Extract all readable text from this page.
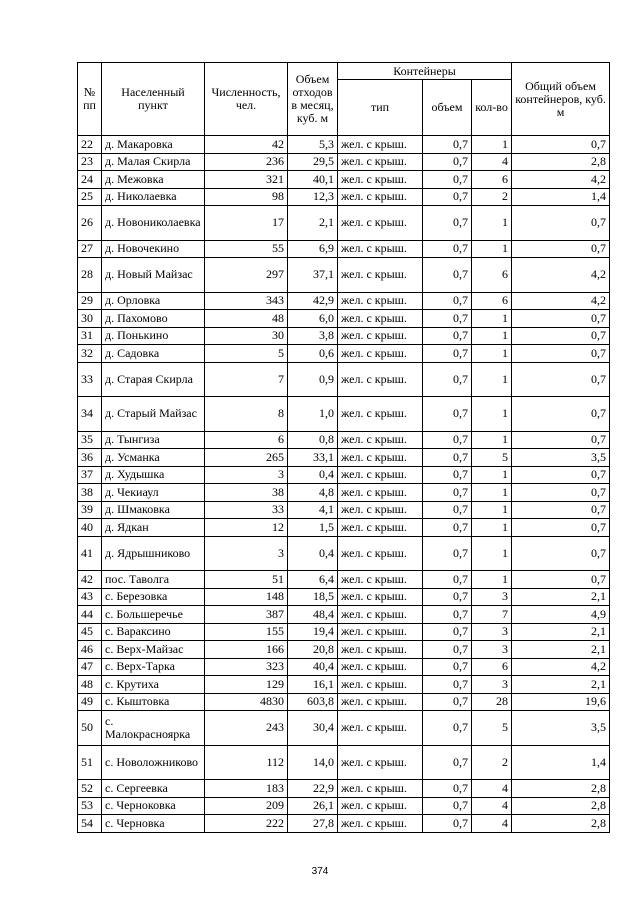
№ пп	Населенный пункт	Численность, чел.	Объем отходов в месяц, куб. м	Контейнеры			Общий объем контейнеров, куб. м
				тип	объем	кол-во	
22	д. Макаровка	42	5,3	жел. с крыш.	0,7	1	0,7
23	д. Малая Скирла	236	29,5	жел. с крыш.	0,7	4	2,8
24	д. Межовка	321	40,1	жел. с крыш.	0,7	6	4,2
25	д. Николаевка	98	12,3	жел. с крыш.	0,7	2	1,4
26	д. Новониколаевка	17	2,1	жел. с крыш.	0,7	1	0,7
27	д. Новочекино	55	6,9	жел. с крыш.	0,7	1	0,7
28	д. Новый Майзас	297	37,1	жел. с крыш.	0,7	6	4,2
29	д. Орловка	343	42,9	жел. с крыш.	0,7	6	4,2
30	д. Пахомово	48	6,0	жел. с крыш.	0,7	1	0,7
31	д. Понькино	30	3,8	жел. с крыш.	0,7	1	0,7
32	д. Садовка	5	0,6	жел. с крыш.	0,7	1	0,7
33	д. Старая Скирла	7	0,9	жел. с крыш.	0,7	1	0,7
34	д. Старый Майзас	8	1,0	жел. с крыш.	0,7	1	0,7
35	д. Тынгиза	6	0,8	жел. с крыш.	0,7	1	0,7
36	д. Усманка	265	33,1	жел. с крыш.	0,7	5	3,5
37	д. Худышка	3	0,4	жел. с крыш.	0,7	1	0,7
38	д. Чекиаул	38	4,8	жел. с крыш.	0,7	1	0,7
39	д. Шмаковка	33	4,1	жел. с крыш.	0,7	1	0,7
40	д. Ядкан	12	1,5	жел. с крыш.	0,7	1	0,7
41	д. Ядрышниково	3	0,4	жел. с крыш.	0,7	1	0,7
42	пос. Таволга	51	6,4	жел. с крыш.	0,7	1	0,7
43	с. Березовка	148	18,5	жел. с крыш.	0,7	3	2,1
44	с. Большеречье	387	48,4	жел. с крыш.	0,7	7	4,9
45	с. Вараксино	155	19,4	жел. с крыш.	0,7	3	2,1
46	с. Верх-Майзас	166	20,8	жел. с крыш.	0,7	3	2,1
47	с. Верх-Тарка	323	40,4	жел. с крыш.	0,7	6	4,2
48	с. Крутиха	129	16,1	жел. с крыш.	0,7	3	2,1
49	с. Кыштовка	4830	603,8	жел. с крыш.	0,7	28	19,6
50	с. Малокрасноярка	243	30,4	жел. с крыш.	0,7	5	3,5
51	с. Новоложниково	112	14,0	жел. с крыш.	0,7	2	1,4
52	с. Сергеевка	183	22,9	жел. с крыш.	0,7	4	2,8
53	с. Черноковка	209	26,1	жел. с крыш.	0,7	4	2,8
54	с. Черновка	222	27,8	жел. с крыш.	0,7	4	2,8
374
